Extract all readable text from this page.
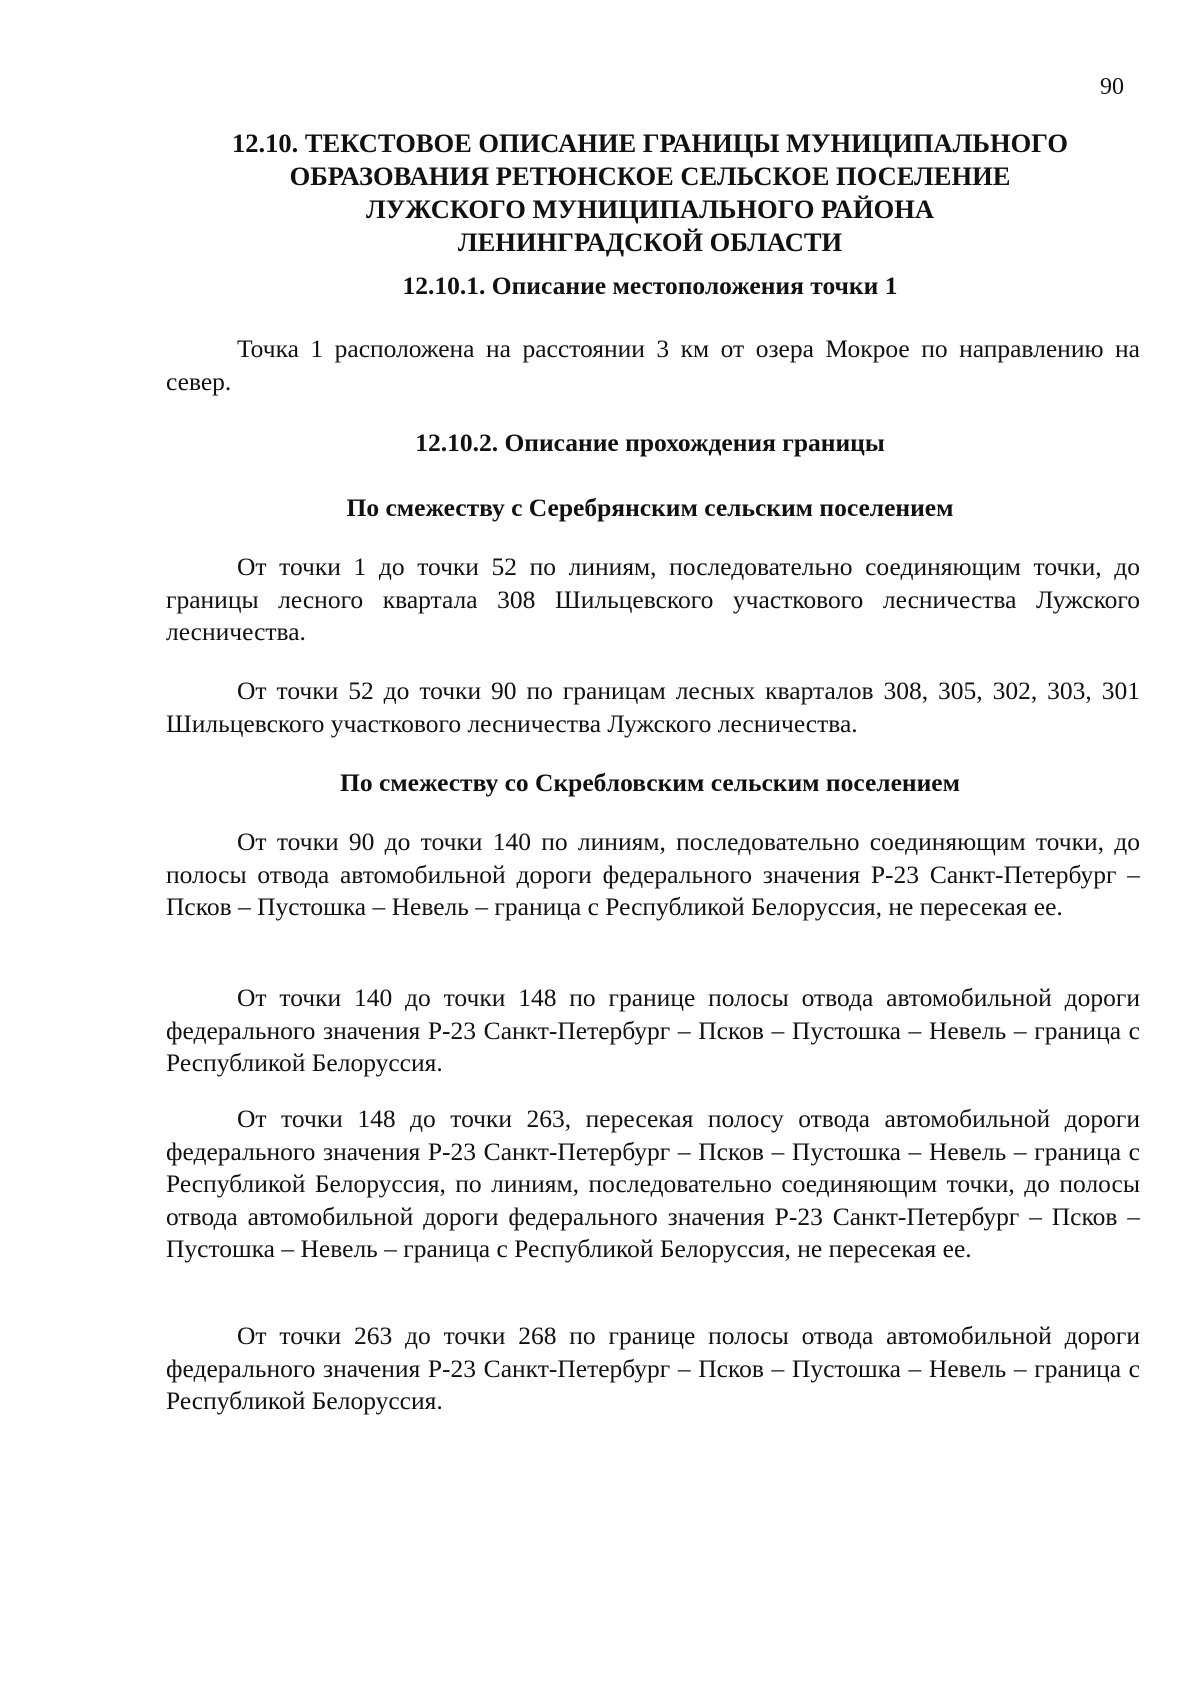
90
12.10. ТЕКСТОВОЕ ОПИСАНИЕ ГРАНИЦЫ МУНИЦИПАЛЬНОГО
ОБРАЗОВАНИЯ РЕТЮНСКОЕ СЕЛЬСКОЕ ПОСЕЛЕНИЕ
ЛУЖСКОГО МУНИЦИПАЛЬНОГО РАЙОНА
ЛЕНИНГРАДСКОЙ ОБЛАСТИ
12.10.1. Описание местоположения точки 1

Точка 1 расположена на расстоянии 3 км от озера Мокрое по направлению на север.

12.10.2. Описание прохождения границы
По смежеству с Серебрянским сельским поселением

От точки 1 до точки 52 по линиям, последовательно соединяющим точки, до границы лесного квартала 308 Шильцевского участкового лесничества Лужского лесничества.

От точки 52 до точки 90 по границам лесных кварталов 308, 305, 302, 303, 301 Шильцевского участкового лесничества Лужского лесничества.

По смежеству со Скребловским сельским поселением

От точки 90 до точки 140 по линиям, последовательно соединяющим точки, до полосы отвода автомобильной дороги федерального значения Р-23 Санкт-Петербург – Псков – Пустошка – Невель – граница с Республикой Белоруссия, не пересекая ее.

От точки 140 до точки 148 по границе полосы отвода автомобильной дороги федерального значения Р-23 Санкт-Петербург – Псков – Пустошка – Невель – граница с Республикой Белоруссия.

От точки 148 до точки 263, пересекая полосу отвода автомобильной дороги федерального значения Р-23 Санкт-Петербург – Псков – Пустошка – Невель – граница с Республикой Белоруссия, по линиям, последовательно соединяющим точки, до полосы отвода автомобильной дороги федерального значения Р-23 Санкт-Петербург – Псков – Пустошка – Невель – граница с Республикой Белоруссия, не пересекая ее.

От точки 263 до точки 268 по границе полосы отвода автомобильной дороги федерального значения Р-23 Санкт-Петербург – Псков – Пустошка – Невель – граница с Республикой Белоруссия.
